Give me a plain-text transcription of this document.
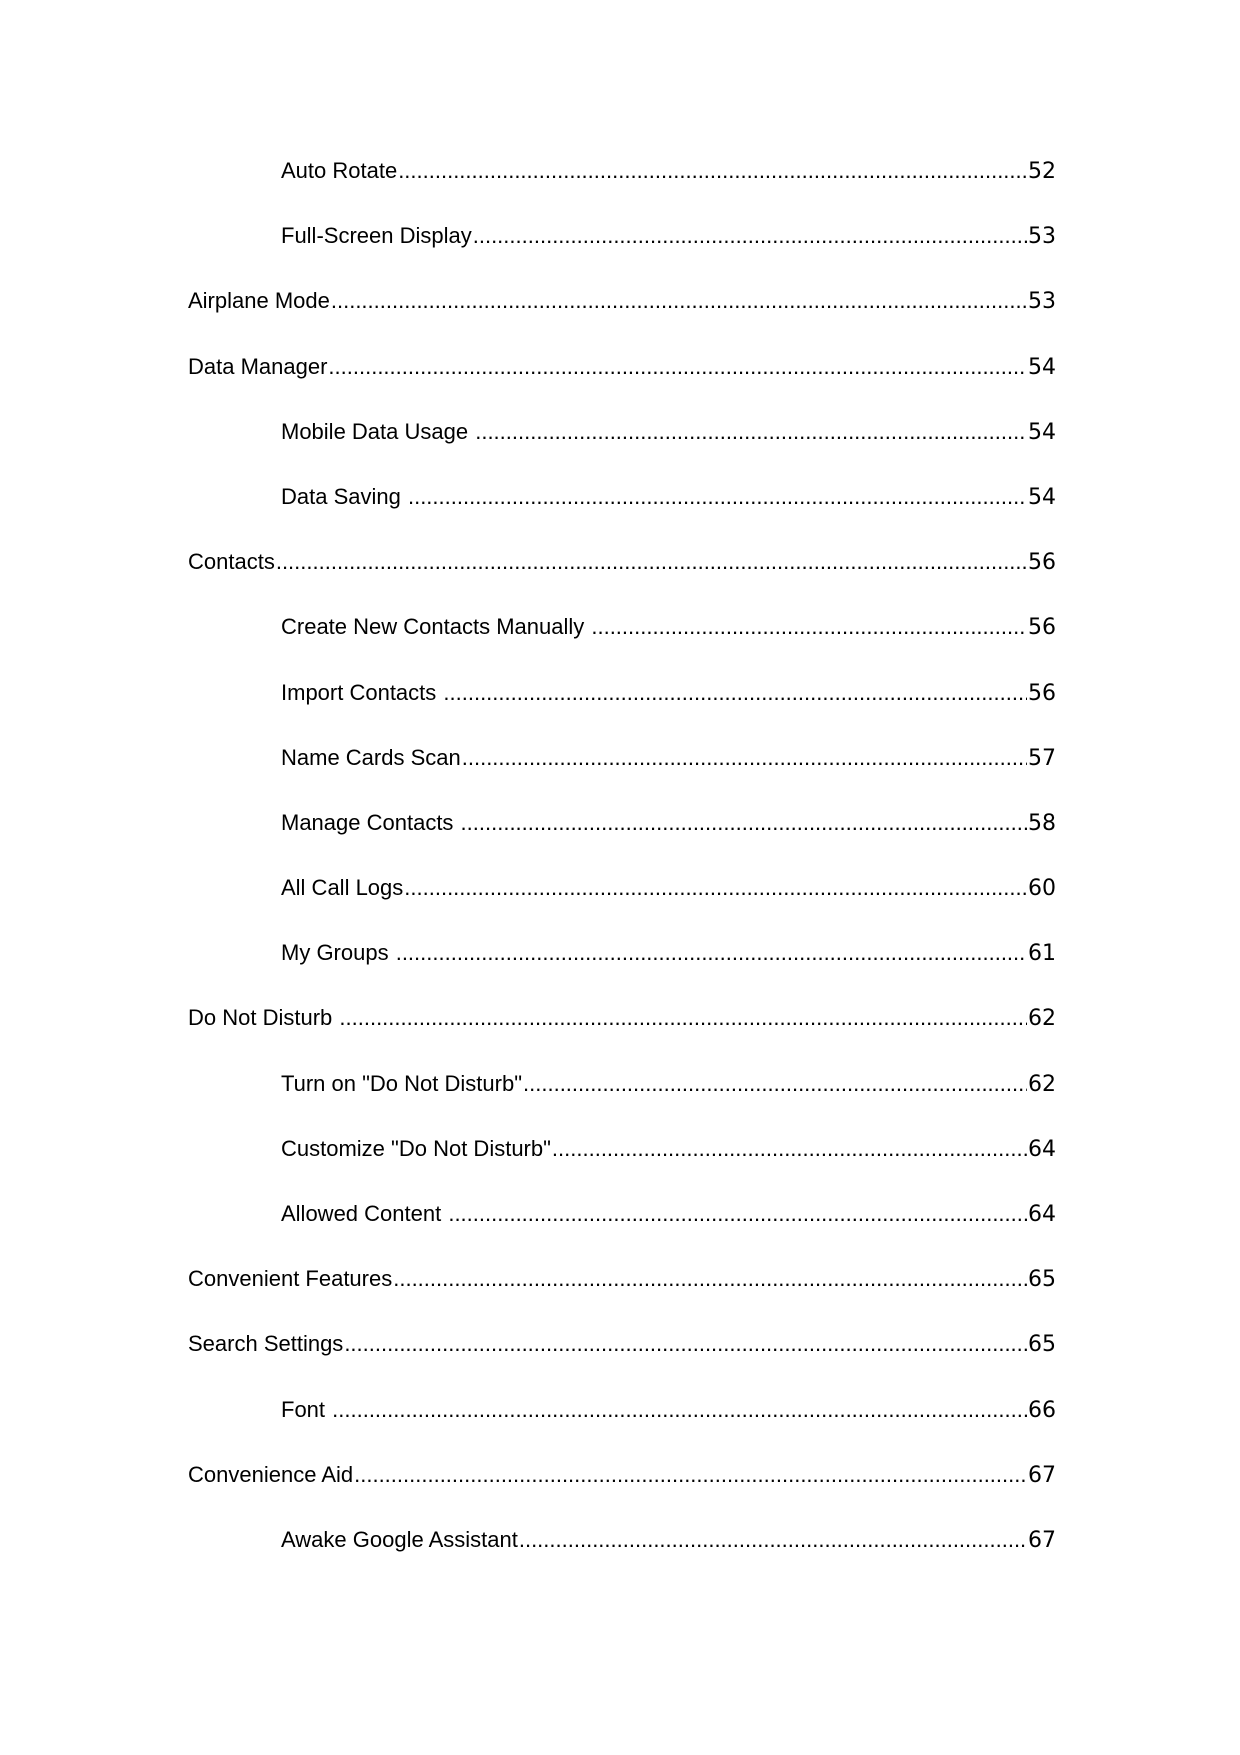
Auto Rotate .....	52
Full-Screen Display .....	53
Airplane Mode .....	53
Data Manager .....	54
Mobile Data Usage .....	54
Data Saving .....	54
Contacts .....	56
Create New Contacts Manually .....	56
Import Contacts .....	56
Name Cards Scan .....	57
Manage Contacts .....	58
All Call Logs .....	60
My Groups .....	61
Do Not Disturb .....	62
Turn on "Do Not Disturb" .....	62
Customize "Do Not Disturb" .....	64
Allowed Content .....	64
Convenient Features .....	65
Search Settings .....	65
Font .....	66
Convenience Aid .....	67
Awake Google Assistant .....	67
